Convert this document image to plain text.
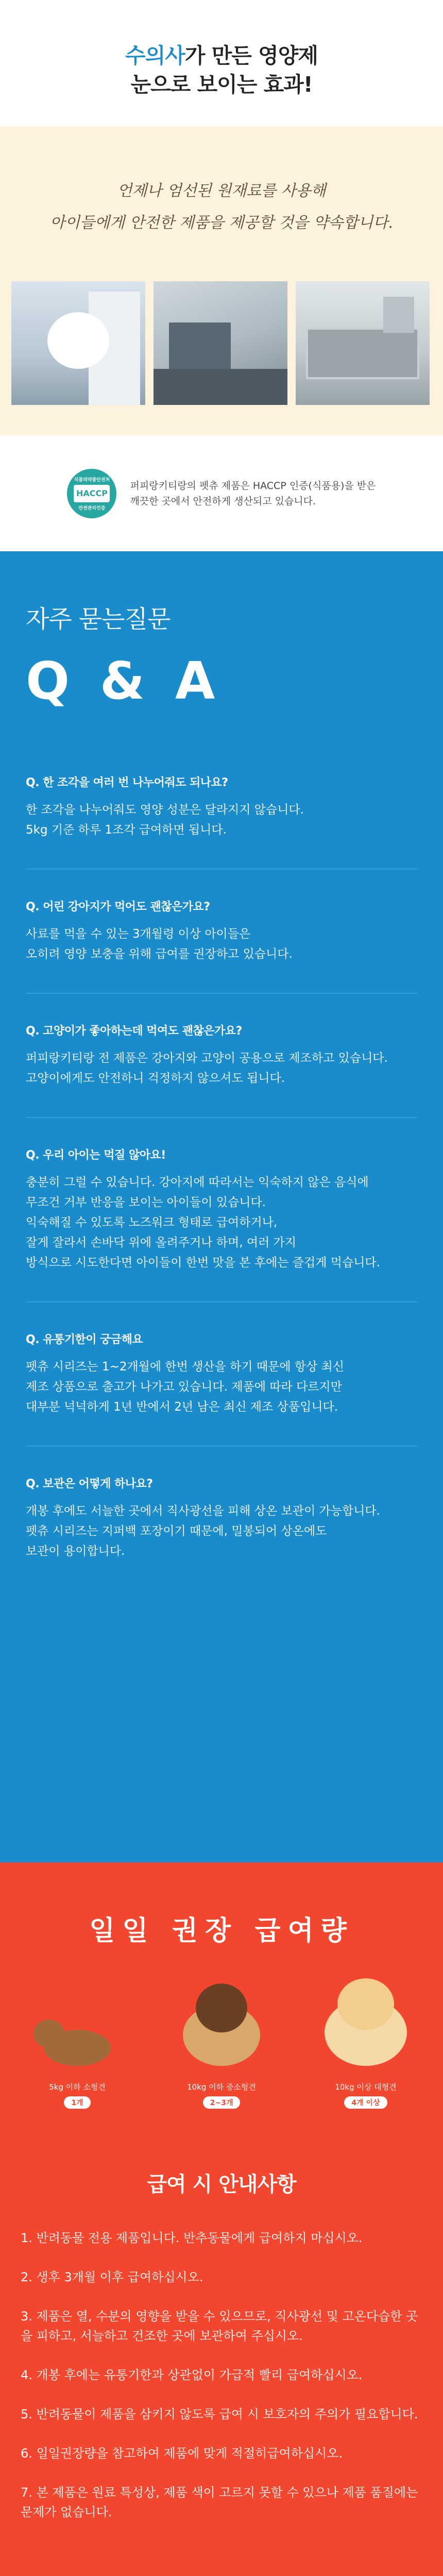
수의사가 만든 영양제
눈으로 보이는 효과!
언제나 엄선된 원재료를 사용해
아이들에게 안전한 제품을 제공할 것을 약속합니다.
식품의약품안전처
HACCP
안전관리인증
퍼피랑키티랑의 펫츄 제품은 HACCP 인증(식품용)을 받은
깨끗한 곳에서 안전하게 생산되고 있습니다.
자주 묻는질문
Q & A
Q. 한 조각을 여러 번 나누어줘도 되나요?
한 조각을 나누어줘도 영양 성분은 달라지지 않습니다.
5kg 기준 하루 1조각 급여하면 됩니다.
Q. 어린 강아지가 먹어도 괜찮은가요?
사료를 먹을 수 있는 3개월령 이상 아이들은
오히려 영양 보충을 위해 급여를 권장하고 있습니다.
Q. 고양이가 좋아하는데 먹여도 괜찮은가요?
퍼피랑키티랑 전 제품은 강아지와 고양이 공용으로 제조하고 있습니다.
고양이에게도 안전하니 걱정하지 않으셔도 됩니다.
Q. 우리 아이는 먹질 않아요!
충분히 그럴 수 있습니다. 강아지에 따라서는 익숙하지 않은 음식에
무조건 거부 반응을 보이는 아이들이 있습니다.
익숙해질 수 있도록 노즈워크 형태로 급여하거나,
잘게 잘라서 손바닥 위에 올려주거나 하며, 여러 가지
방식으로 시도한다면 아이들이 한번 맛을 본 후에는 즐겁게 먹습니다.
Q. 유통기한이 궁금해요
펫츄 시리즈는 1~2개월에 한번 생산을 하기 때문에 항상 최신
제조 상품으로 출고가 나가고 있습니다. 제품에 따라 다르지만
대부분 넉넉하게 1년 반에서 2년 남은 최신 제조 상품입니다.
Q. 보관은 어떻게 하나요?
개봉 후에도 서늘한 곳에서 직사광선을 피해 상온 보관이 가능합니다.
펫츄 시리즈는 지퍼백 포장이기 때문에, 밀봉되어 상온에도
보관이 용이합니다.
일일 권장 급여량
5kg 이하 소형견
1개
10kg 이하 중소형견
2~3개
10kg 이상 대형견
4개 이상
급여 시 안내사항
1. 반려동물 전용 제품입니다. 반추동물에게 급여하지 마십시오.
2. 생후 3개월 이후 급여하십시오.
3. 제품은 열, 수분의 영향을 받을 수 있으므로, 직사광선 및 고온다습한 곳을 피하고, 서늘하고 건조한 곳에 보관하여 주십시오.
4. 개봉 후에는 유통기한과 상관없이 가급적 빨리 급여하십시오.
5. 반려동물이 제품을 삼키지 않도록 급여 시 보호자의 주의가 필요합니다.
6. 일일권장량을 참고하여 제품에 맞게 적절히급여하십시오.
7. 본 제품은 원료 특성상, 제품 색이 고르지 못할 수 있으나 제품 품질에는 문제가 없습니다.
